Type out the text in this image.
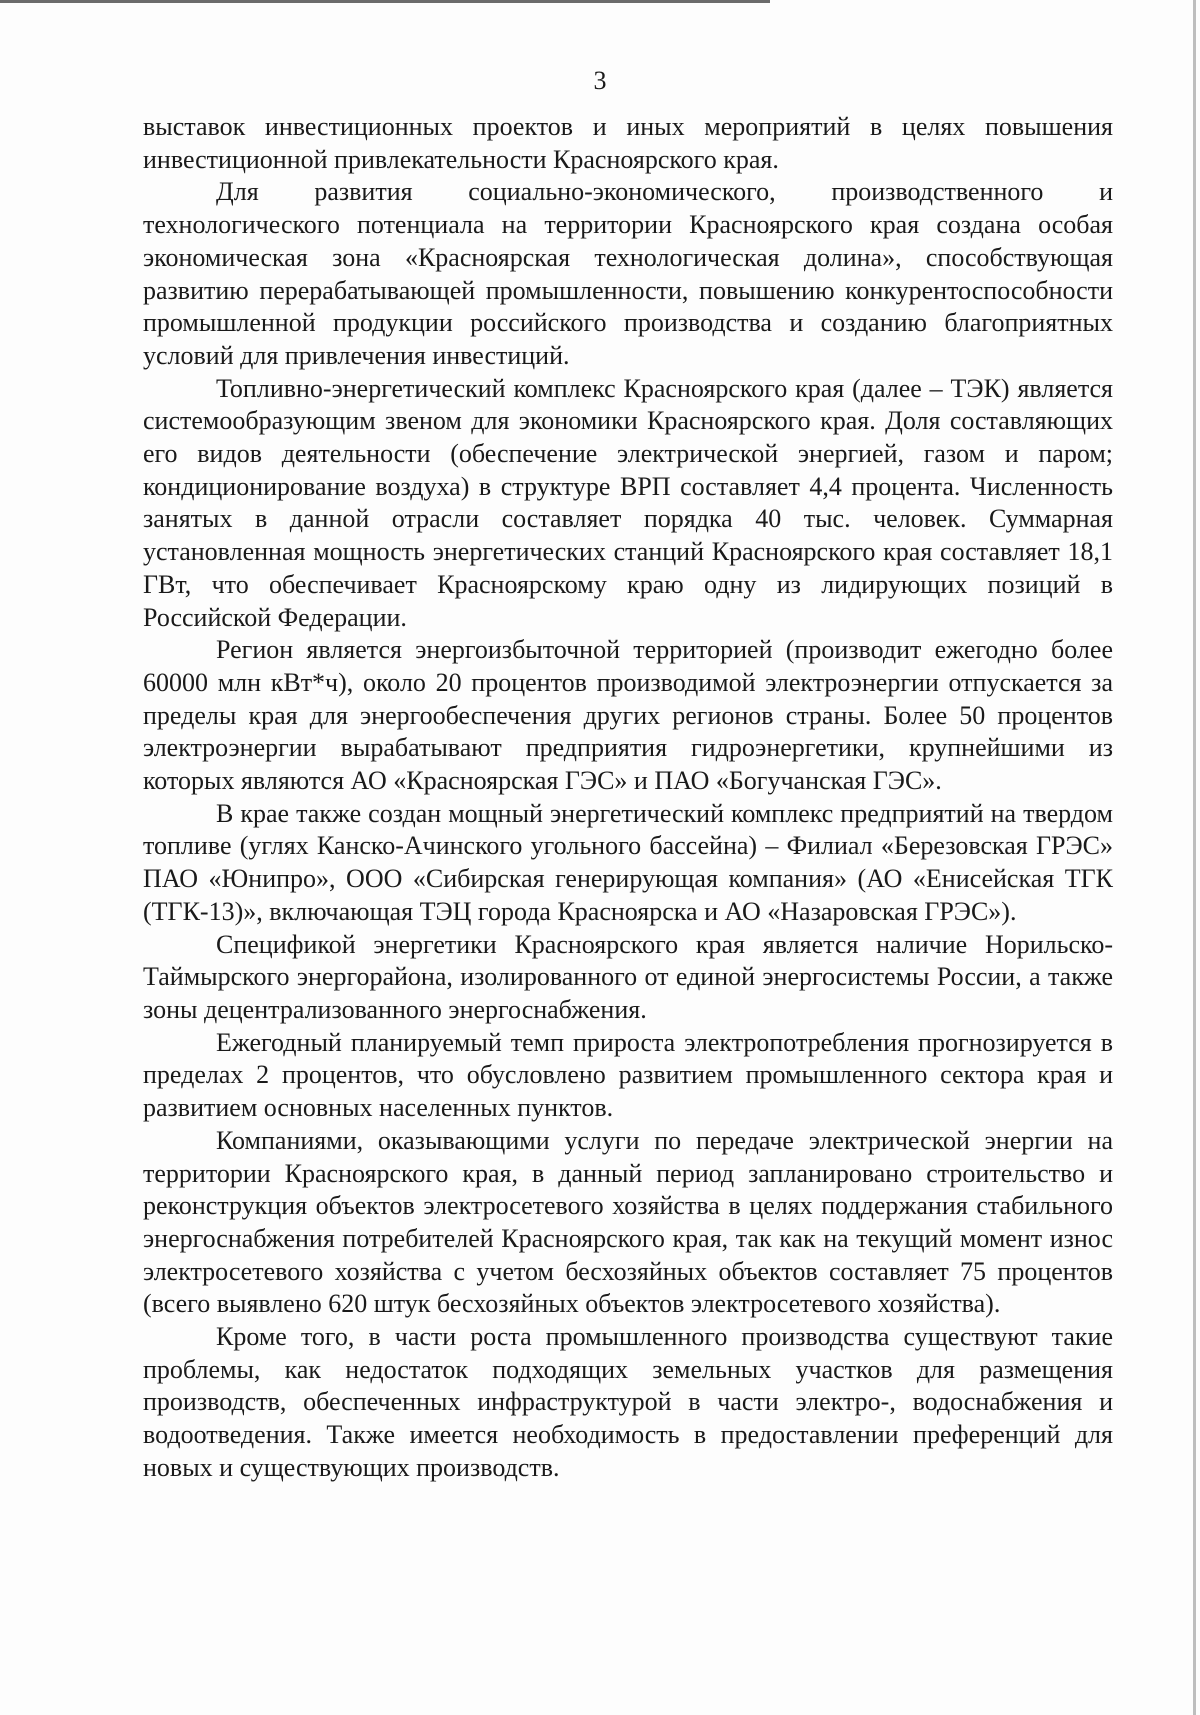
3

выставок инвестиционных проектов и иных мероприятий в целях повышения инвестиционной привлекательности Красноярского края.

Для развития социально-экономического, производственного и технологического потенциала на территории Красноярского края создана особая экономическая зона «Красноярская технологическая долина», способствующая развитию перерабатывающей промышленности, повышению конкурентоспособности промышленной продукции российского производства и созданию благоприятных условий для привлечения инвестиций.

Топливно-энергетический комплекс Красноярского края (далее – ТЭК) является системообразующим звеном для экономики Красноярского края. Доля составляющих его видов деятельности (обеспечение электрической энергией, газом и паром; кондиционирование воздуха) в структуре ВРП составляет 4,4 процента. Численность занятых в данной отрасли составляет порядка 40 тыс. человек. Суммарная установленная мощность энергетических станций Красноярского края составляет 18,1 ГВт, что обеспечивает Красноярскому краю одну из лидирующих позиций в Российской Федерации.

Регион является энергоизбыточной территорией (производит ежегодно более 60000 млн кВт*ч), около 20 процентов производимой электроэнергии отпускается за пределы края для энергообеспечения других регионов страны. Более 50 процентов электроэнергии вырабатывают предприятия гидроэнергетики, крупнейшими из которых являются АО «Красноярская ГЭС» и ПАО «Богучанская ГЭС».

В крае также создан мощный энергетический комплекс предприятий на твердом топливе (углях Канско-Ачинского угольного бассейна) – Филиал «Березовская ГРЭС» ПАО «Юнипро», ООО «Сибирская генерирующая компания» (АО «Енисейская ТГК (ТГК-13)», включающая ТЭЦ города Красноярска и АО «Назаровская ГРЭС»).

Спецификой энергетики Красноярского края является наличие Норильско-Таймырского энергорайона, изолированного от единой энергосистемы России, а также зоны децентрализованного энергоснабжения.

Ежегодный планируемый темп прироста электропотребления прогнозируется в пределах 2 процентов, что обусловлено развитием промышленного сектора края и развитием основных населенных пунктов.

Компаниями, оказывающими услуги по передаче электрической энергии на территории Красноярского края, в данный период запланировано строительство и реконструкция объектов электросетевого хозяйства в целях поддержания стабильного энергоснабжения потребителей Красноярского края, так как на текущий момент износ электросетевого хозяйства с учетом бесхозяйных объектов составляет 75 процентов (всего выявлено 620 штук бесхозяйных объектов электросетевого хозяйства).

Кроме того, в части роста промышленного производства существуют такие проблемы, как недостаток подходящих земельных участков для размещения производств, обеспеченных инфраструктурой в части электро-, водоснабжения и водоотведения. Также имеется необходимость в предоставлении преференций для новых и существующих производств.
